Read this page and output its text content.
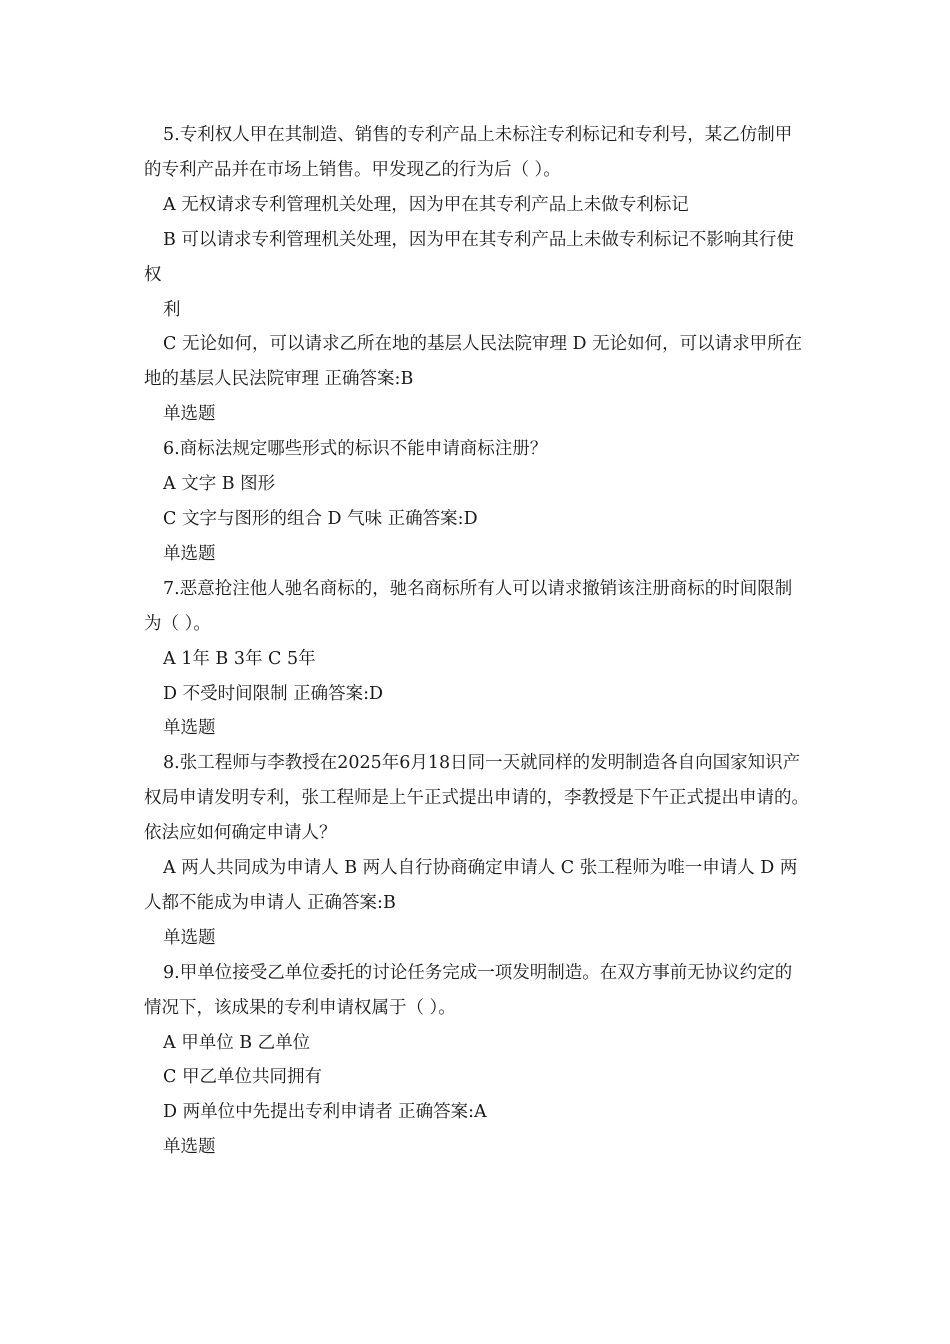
5.专利权人甲在其制造、销售的专利产品上未标注专利标记和专利号，某乙仿制甲的专利产品并在市场上销售。甲发现乙的行为后（ ）。

A 无权请求专利管理机关处理，因为甲在其专利产品上未做专利标记

B 可以请求专利管理机关处理，因为甲在其专利产品上未做专利标记不影响其行使权

利

C 无论如何，可以请求乙所在地的基层人民法院审理 D 无论如何，可以请求甲所在地的基层人民法院审理 正确答案:B

单选题

6.商标法规定哪些形式的标识不能申请商标注册？

A 文字 B 图形

C 文字与图形的组合 D 气味 正确答案:D

单选题

7.恶意抢注他人驰名商标的，驰名商标所有人可以请求撤销该注册商标的时间限制为（ ）。

A 1年 B 3年 C 5年

D 不受时间限制 正确答案:D

单选题

8.张工程师与李教授在2025年6月18日同一天就同样的发明制造各自向国家知识产权局申请发明专利，张工程师是上午正式提出申请的，李教授是下午正式提出申请的。依法应如何确定申请人？

A 两人共同成为申请人 B 两人自行协商确定申请人 C 张工程师为唯一申请人 D 两人都不能成为申请人 正确答案:B

单选题

9.甲单位接受乙单位委托的讨论任务完成一项发明制造。在双方事前无协议约定的情况下，该成果的专利申请权属于（ ）。

A 甲单位 B 乙单位

C 甲乙单位共同拥有

D 两单位中先提出专利申请者 正确答案:A

单选题
